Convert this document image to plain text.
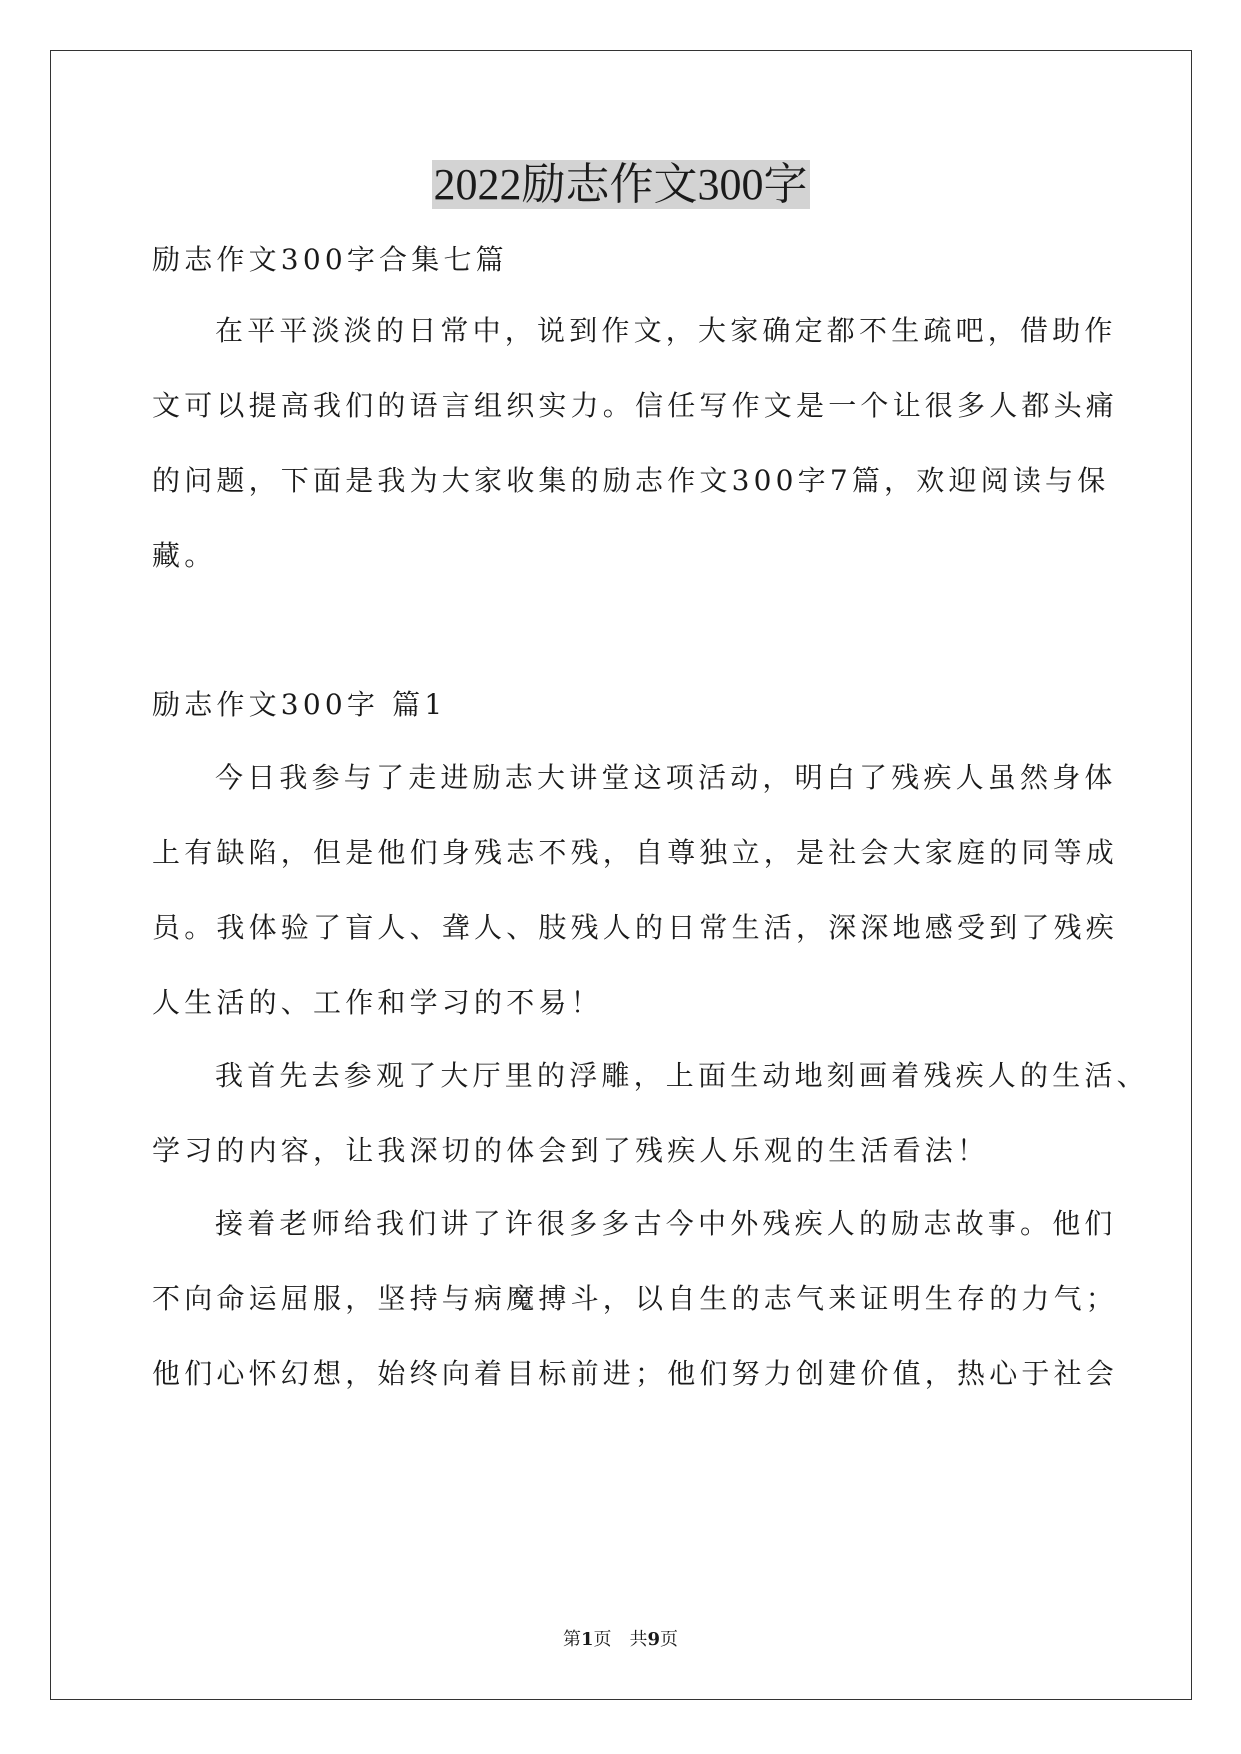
2022励志作文300字
励志作文300字合集七篇
在平平淡淡的日常中，说到作文，大家确定都不生疏吧，借助作
文可以提高我们的语言组织实力。信任写作文是一个让很多人都头痛
的问题，下面是我为大家收集的励志作文300字7篇，欢迎阅读与保
藏。
励志作文300字 篇1
今日我参与了走进励志大讲堂这项活动，明白了残疾人虽然身体
上有缺陷，但是他们身残志不残，自尊独立，是社会大家庭的同等成
员。我体验了盲人、聋人、肢残人的日常生活，深深地感受到了残疾
人生活的、工作和学习的不易！
我首先去参观了大厅里的浮雕，上面生动地刻画着残疾人的生活、
学习的内容，让我深切的体会到了残疾人乐观的生活看法！
接着老师给我们讲了许很多多古今中外残疾人的励志故事。他们
不向命运屈服，坚持与病魔搏斗，以自生的志气来证明生存的力气；
他们心怀幻想，始终向着目标前进；他们努力创建价值，热心于社会
第1页　共9页
